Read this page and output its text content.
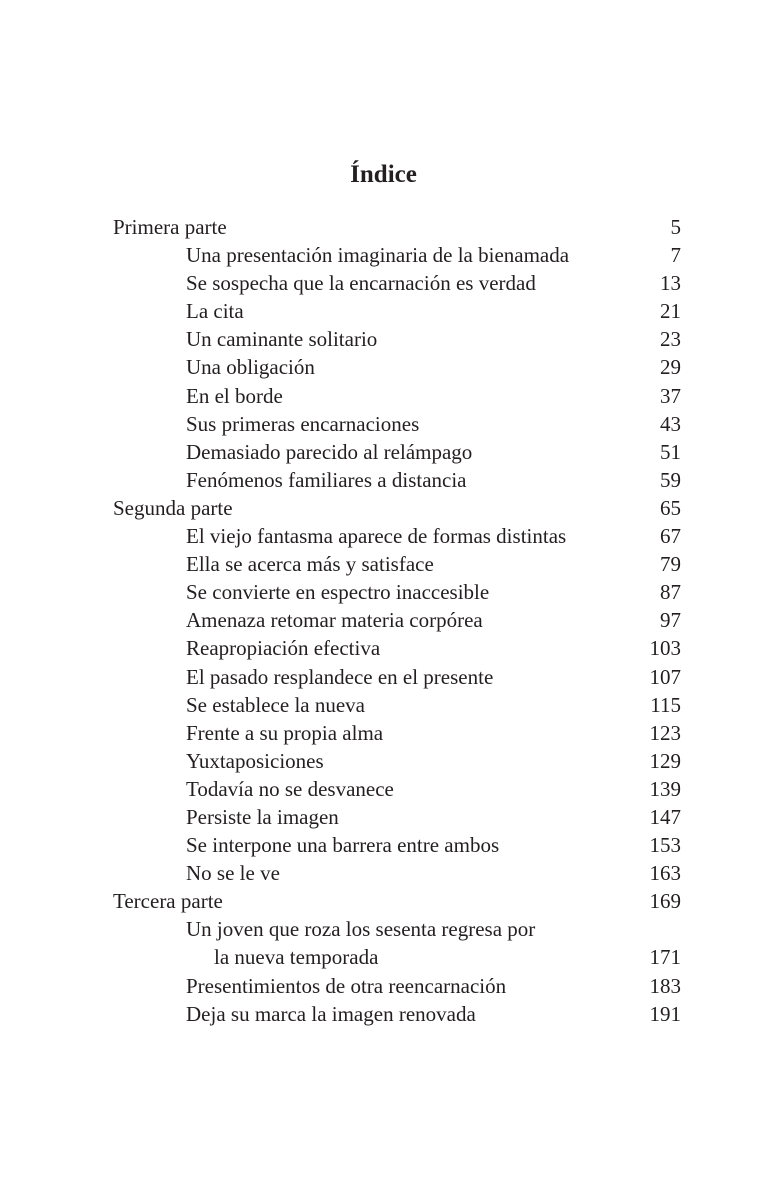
Índice
Primera parte	5
Una presentación imaginaria de la bienamada	7
Se sospecha que la encarnación es verdad	13
La cita	21
Un caminante solitario	23
Una obligación	29
En el borde	37
Sus primeras encarnaciones	43
Demasiado parecido al relámpago	51
Fenómenos familiares a distancia	59
Segunda parte	65
El viejo fantasma aparece de formas distintas	67
Ella se acerca más y satisface	79
Se convierte en espectro inaccesible	87
Amenaza retomar materia corpórea	97
Reapropiación efectiva	103
El pasado resplandece en el presente	107
Se establece la nueva	115
Frente a su propia alma	123
Yuxtaposiciones	129
Todavía no se desvanece	139
Persiste la imagen	147
Se interpone una barrera entre ambos	153
No se le ve	163
Tercera parte	169
Un joven que roza los sesenta regresa por
la nueva temporada	171
Presentimientos de otra reencarnación	183
Deja su marca la imagen renovada	191
